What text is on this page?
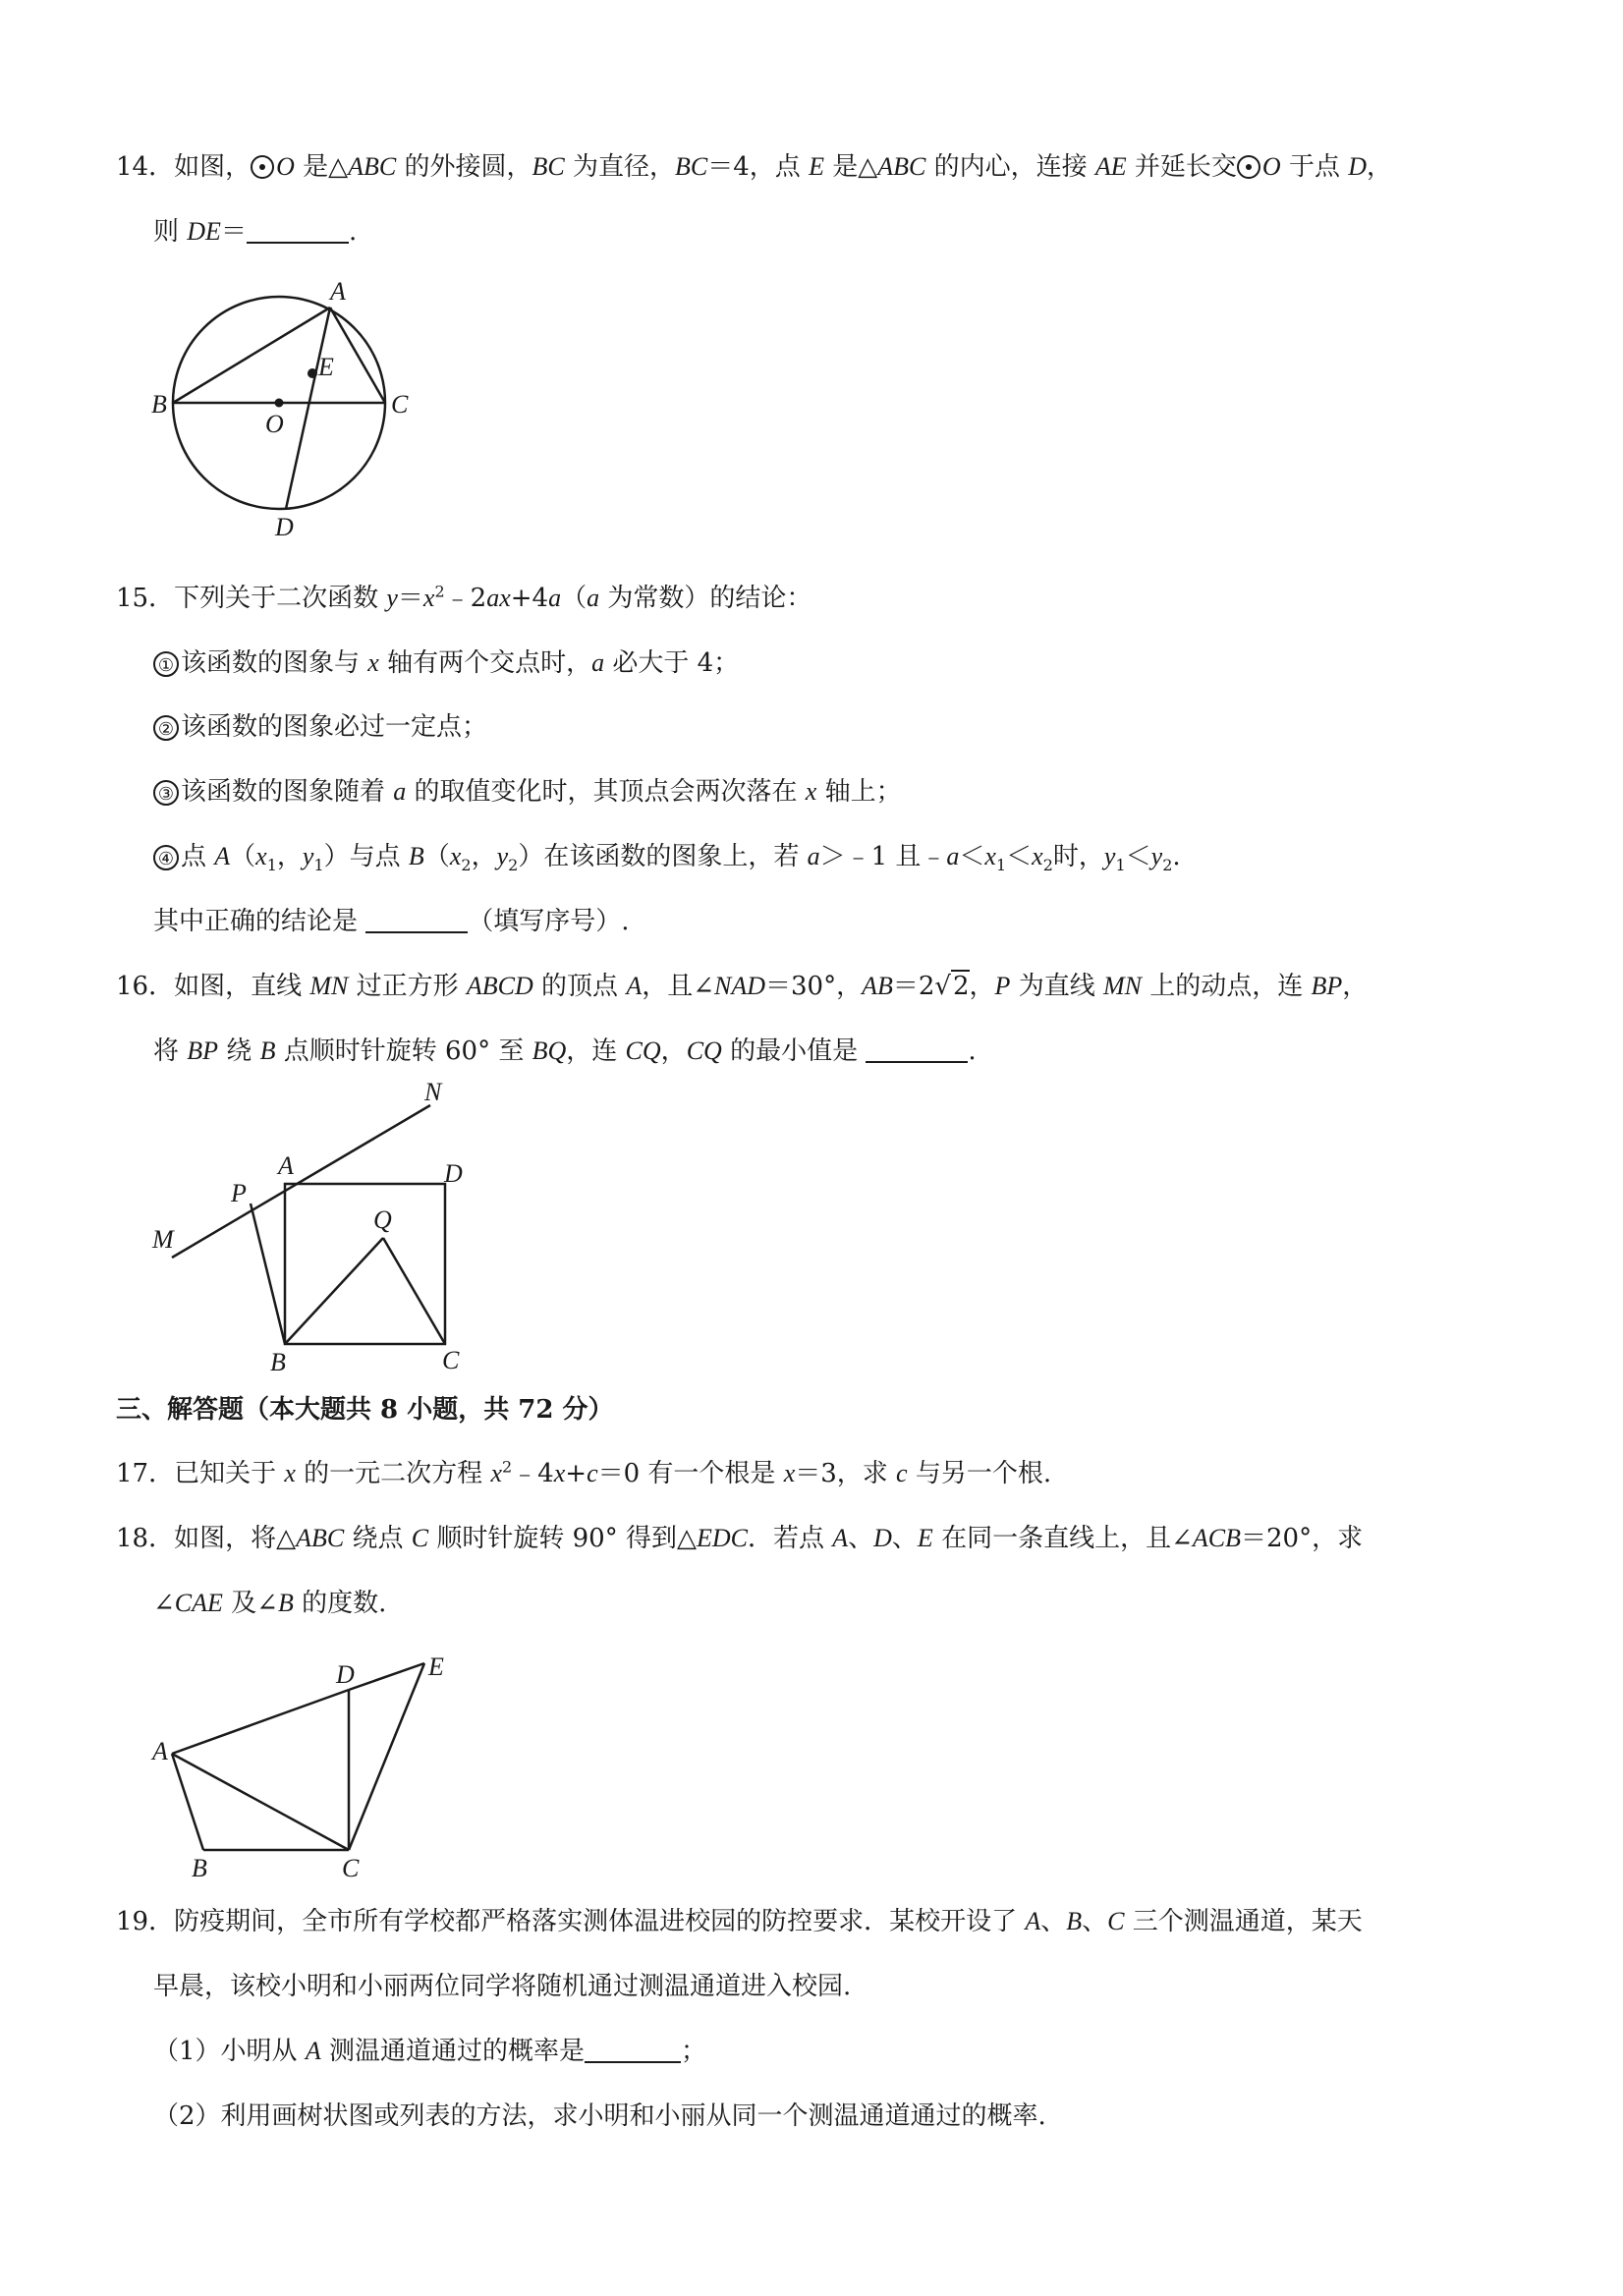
14．如图， O 是△ABC 的外接圆，BC 为直径，BC＝4，点 E 是△ABC 的内心，连接 AE 并延长交 O 于点 D，
则 DE＝	.
A
B	C
O
E
D
15．下列关于二次函数 $y=x^2﹣2ax+4a(a$ 为常数）的结论：
① 该函数的图象与 x 轴有两个交点时，a 必大于 4；
② 该函数的图象必过一定点；
③ 该函数的图象随着 a 的取值变化时，其顶点会两次落在 x 轴上；
④ 点 $A(x_1$，$y_1$）与点 $B(x_2$，$y_2$）在该函数的图象上，若 a＞﹣1 且$﹣a<x_1<x_2$时，$y_1<y_2$.
其中正确的结论是	（填写序号）.
16．如图，直线 MN 过正方形 ABCD 的顶点 A，且∠NAD＝30°，AB＝2√2，P 为直线 MN 上的动点，连 BP，
将 BP 绕 B 点顺时针旋转 60° 至 BQ，连 CQ，CQ 的最小值是	.
N
A	D
P
M
Q
B	C
三、解答题（本大题共 8 小题，共 72 分）
17．已知关于 x 的一元二次方程 $x^2﹣4x+c=0$ 有一个根是 x＝3，求 c 与另一个根.
18．如图，将△ABC 绕点 C 顺时针旋转 90° 得到△EDC．若点 A、D、E 在同一条直线上，且∠ACB＝20°，求
∠CAE 及∠B 的度数.
E
D
A
B	C
19．防疫期间，全市所有学校都严格落实测体温进校园的防控要求．某校开设了 A、B、C 三个测温通道，某天
早晨，该校小明和小丽两位同学将随机通过测温通道进入校园.
（1）小明从 A 测温通道通过的概率是	；
（2）利用画树状图或列表的方法，求小明和小丽从同一个测温通道通过的概率.
